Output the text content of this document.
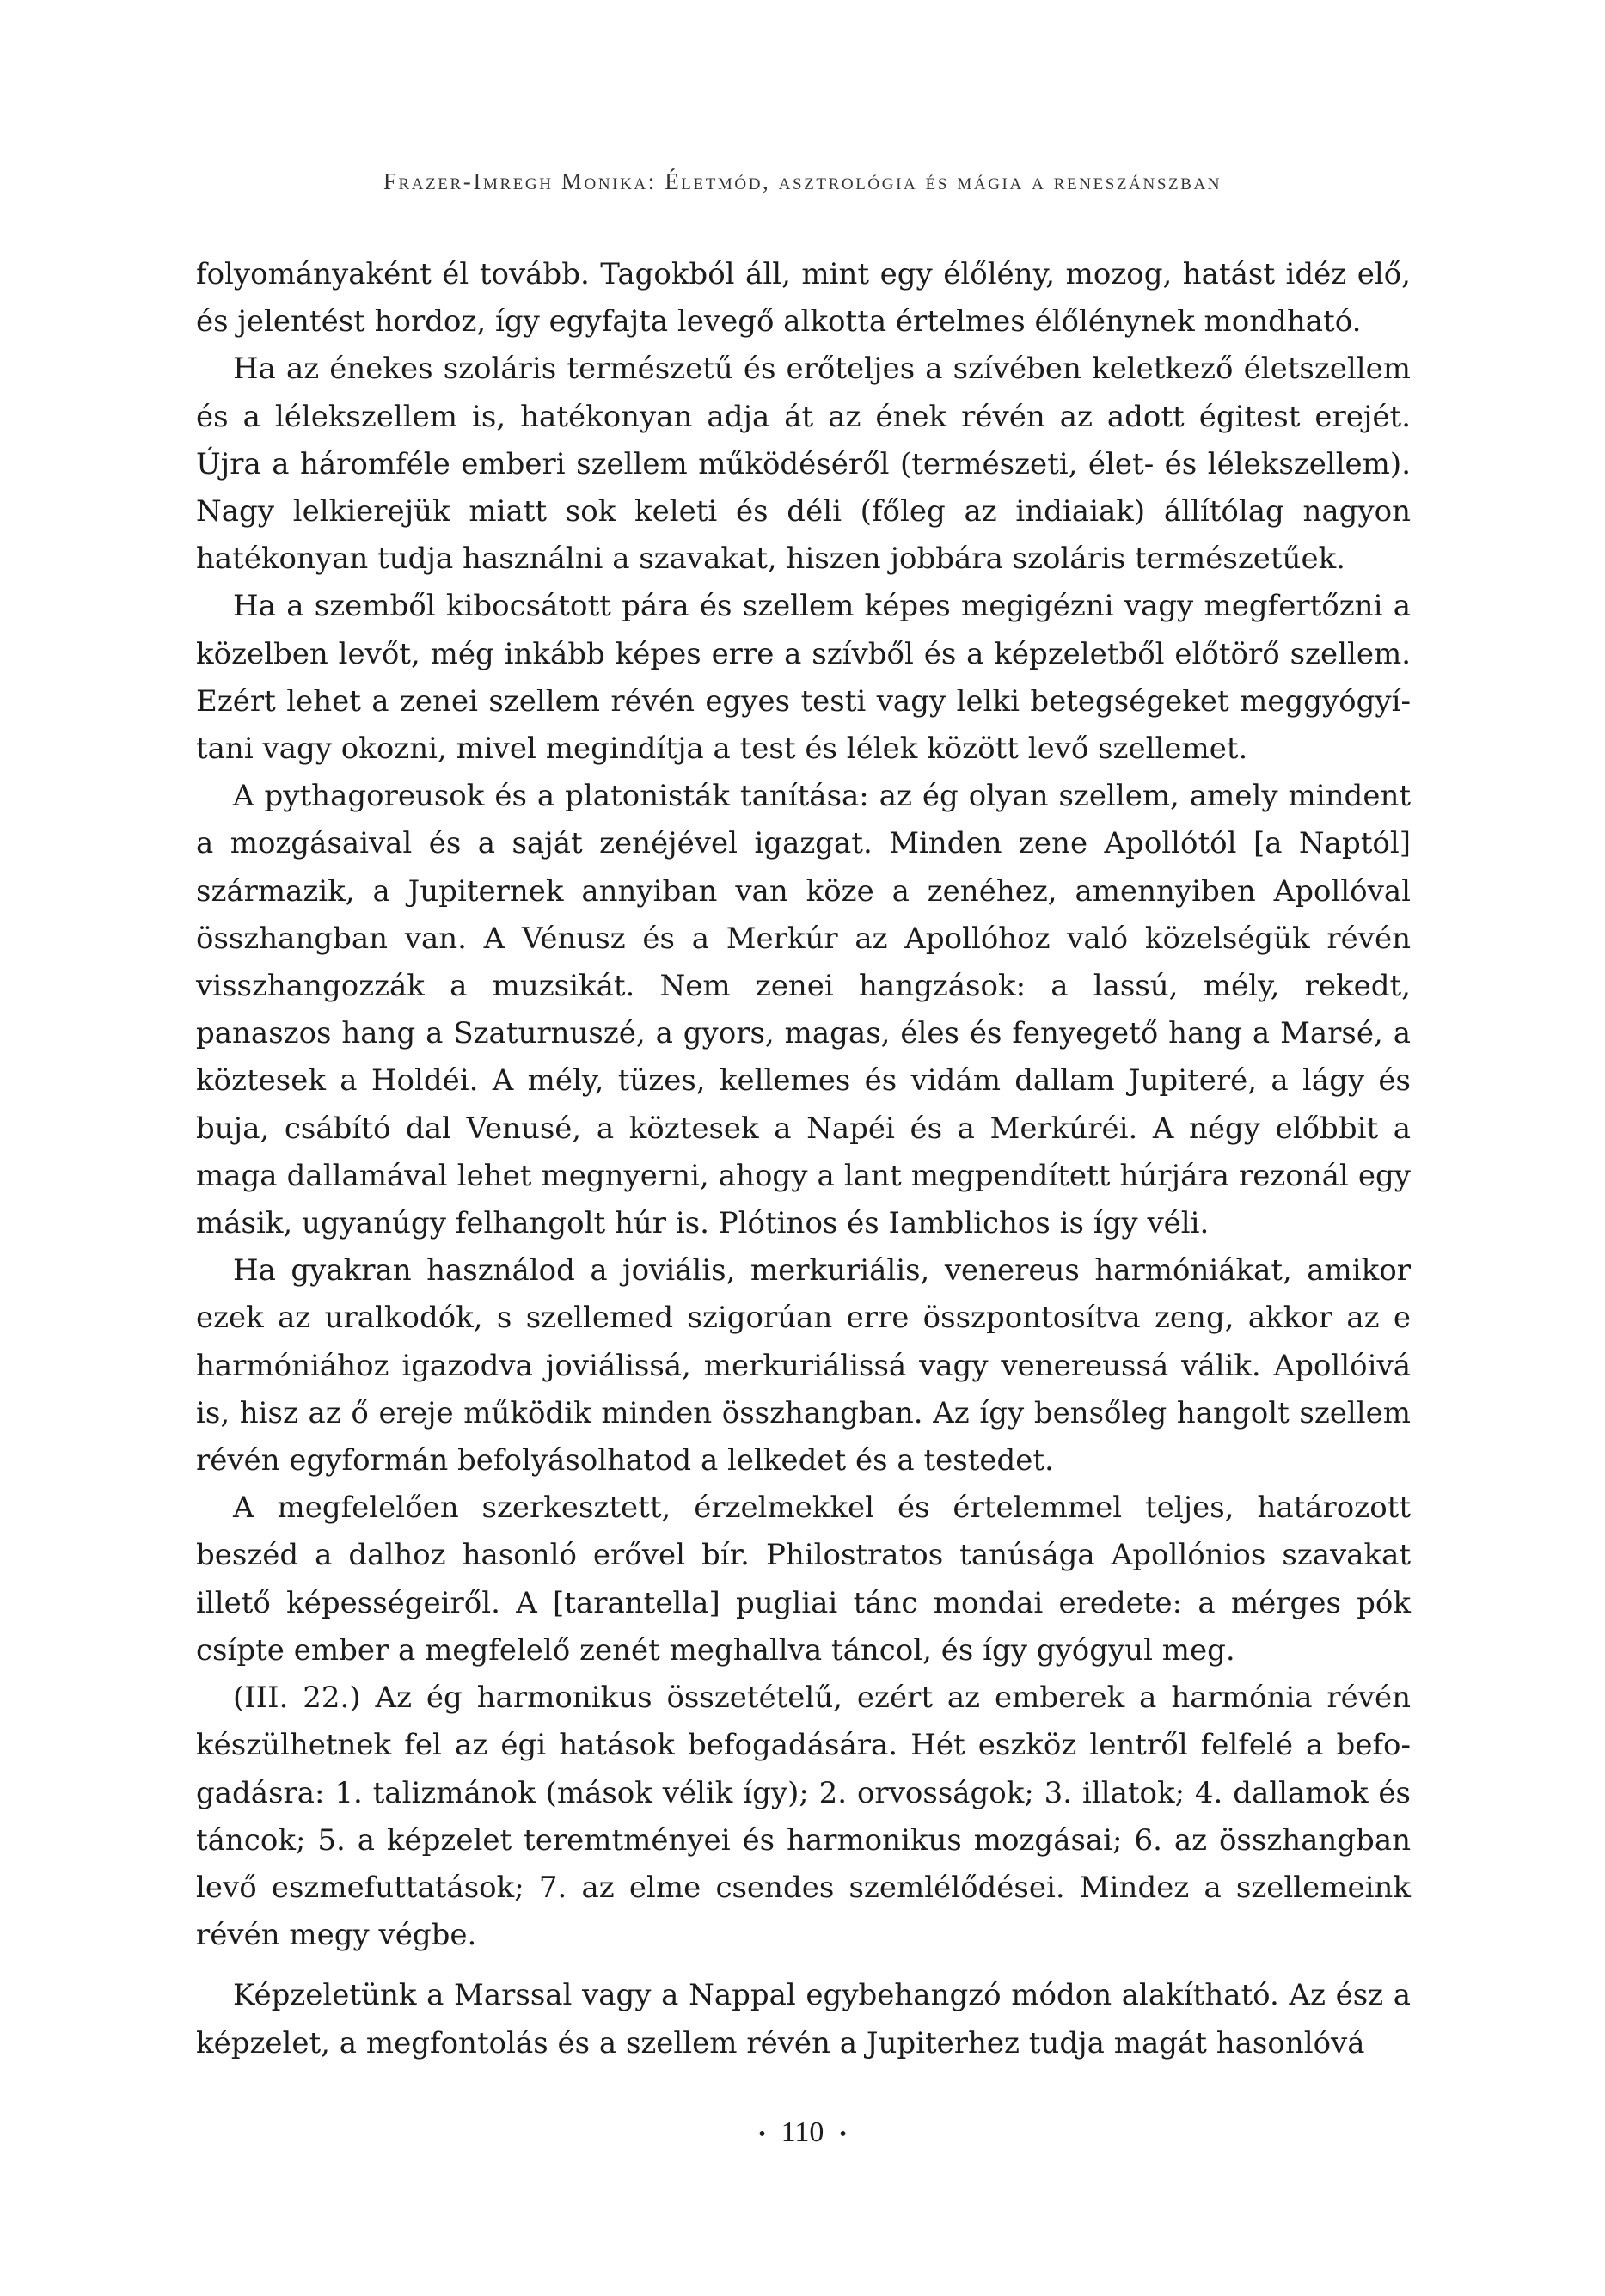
Frazer-Imregh Monika: Életmód, asztrológia és mágia a reneszánszban

folyományaként él tovább. Tagokból áll, mint egy élőlény, mozog, hatást idéz elő, és jelentést hordoz, így egyfajta levegő alkotta értelmes élőlénynek mondható.

Ha az énekes szoláris természetű és erőteljes a szívében keletkező életszellem és a lélekszellem is, hatékonyan adja át az ének révén az adott égitest erejét. Újra a háromféle emberi szellem működéséről (természeti, élet- és lélekszellem). Nagy lelkierejük miatt sok keleti és déli (főleg az indiaiak) állítólag nagyon hatékonyan tudja használni a szavakat, hiszen jobbára szoláris természetűek.

Ha a szemből kibocsátott pára és szellem képes megigézni vagy megfertőzni a közelben levőt, még inkább képes erre a szívből és a képzeletből előtörő szellem. Ezért lehet a zenei szellem révén egyes testi vagy lelki betegségeket meggyógyítani vagy okozni, mivel megindítja a test és lélek között levő szellemet.

A pythagoreusok és a platonisták tanítása: az ég olyan szellem, amely mindent a mozgásaival és a saját zenéjével igazgat. Minden zene Apollótól [a Naptól] származik, a Jupiternek annyiban van köze a zenéhez, amennyiben Apollóval összhangban van. A Vénusz és a Merkúr az Apollóhoz való közelségük révén visszhangozzák a muzsikát. Nem zenei hangzások: a lassú, mély, rekedt, panaszos hang a Szaturnuszé, a gyors, magas, éles és fenyegető hang a Marsé, a köztesek a Holdéi. A mély, tüzes, kellemes és vidám dallam Jupiteré, a lágy és buja, csábító dal Venusé, a köztesek a Napéi és a Merkúréi. A négy előbbit a maga dallamával lehet megnyerni, ahogy a lant megpendített húrjára rezonál egy másik, ugyanúgy felhangolt húr is. Plótinos és Iamblichos is így véli.

Ha gyakran használod a joviális, merkuriális, venereus harmóniákat, amikor ezek az uralkodók, s szellemed szigorúan erre összpontosítva zeng, akkor az e harmóniához igazodva joviálissá, merkuriálissá vagy venereussá válik. Apollóivá is, hisz az ő ereje működik minden összhangban. Az így bensőleg hangolt szellem révén egyformán befolyásolhatod a lelkedet és a testedet.

A megfelelően szerkesztett, érzelmekkel és értelemmel teljes, határozott beszéd a dalhoz hasonló erővel bír. Philostratos tanúsága Apollónios szavakat illető képességeiről. A [tarantella] pugliai tánc mondai eredete: a mérges pók csípte ember a megfelelő zenét meghallva táncol, és így gyógyul meg.

(III. 22.) Az ég harmonikus összetételű, ezért az emberek a harmónia révén készülhetnek fel az égi hatások befogadására. Hét eszköz lentről felfelé a befogadásra: 1. talizmánok (mások vélik így); 2. orvosságok; 3. illatok; 4. dallamok és táncok; 5. a képzelet teremtményei és harmonikus mozgásai; 6. az összhangban levő eszmefuttatások; 7. az elme csendes szemlélődései. Mindez a szellemeink révén megy végbe.

Képzeletünk a Marssal vagy a Nappal egybehangzó módon alakítható. Az ész a képzelet, a megfontolás és a szellem révén a Jupiterhez tudja magát hasonlóvá

• 110 •
